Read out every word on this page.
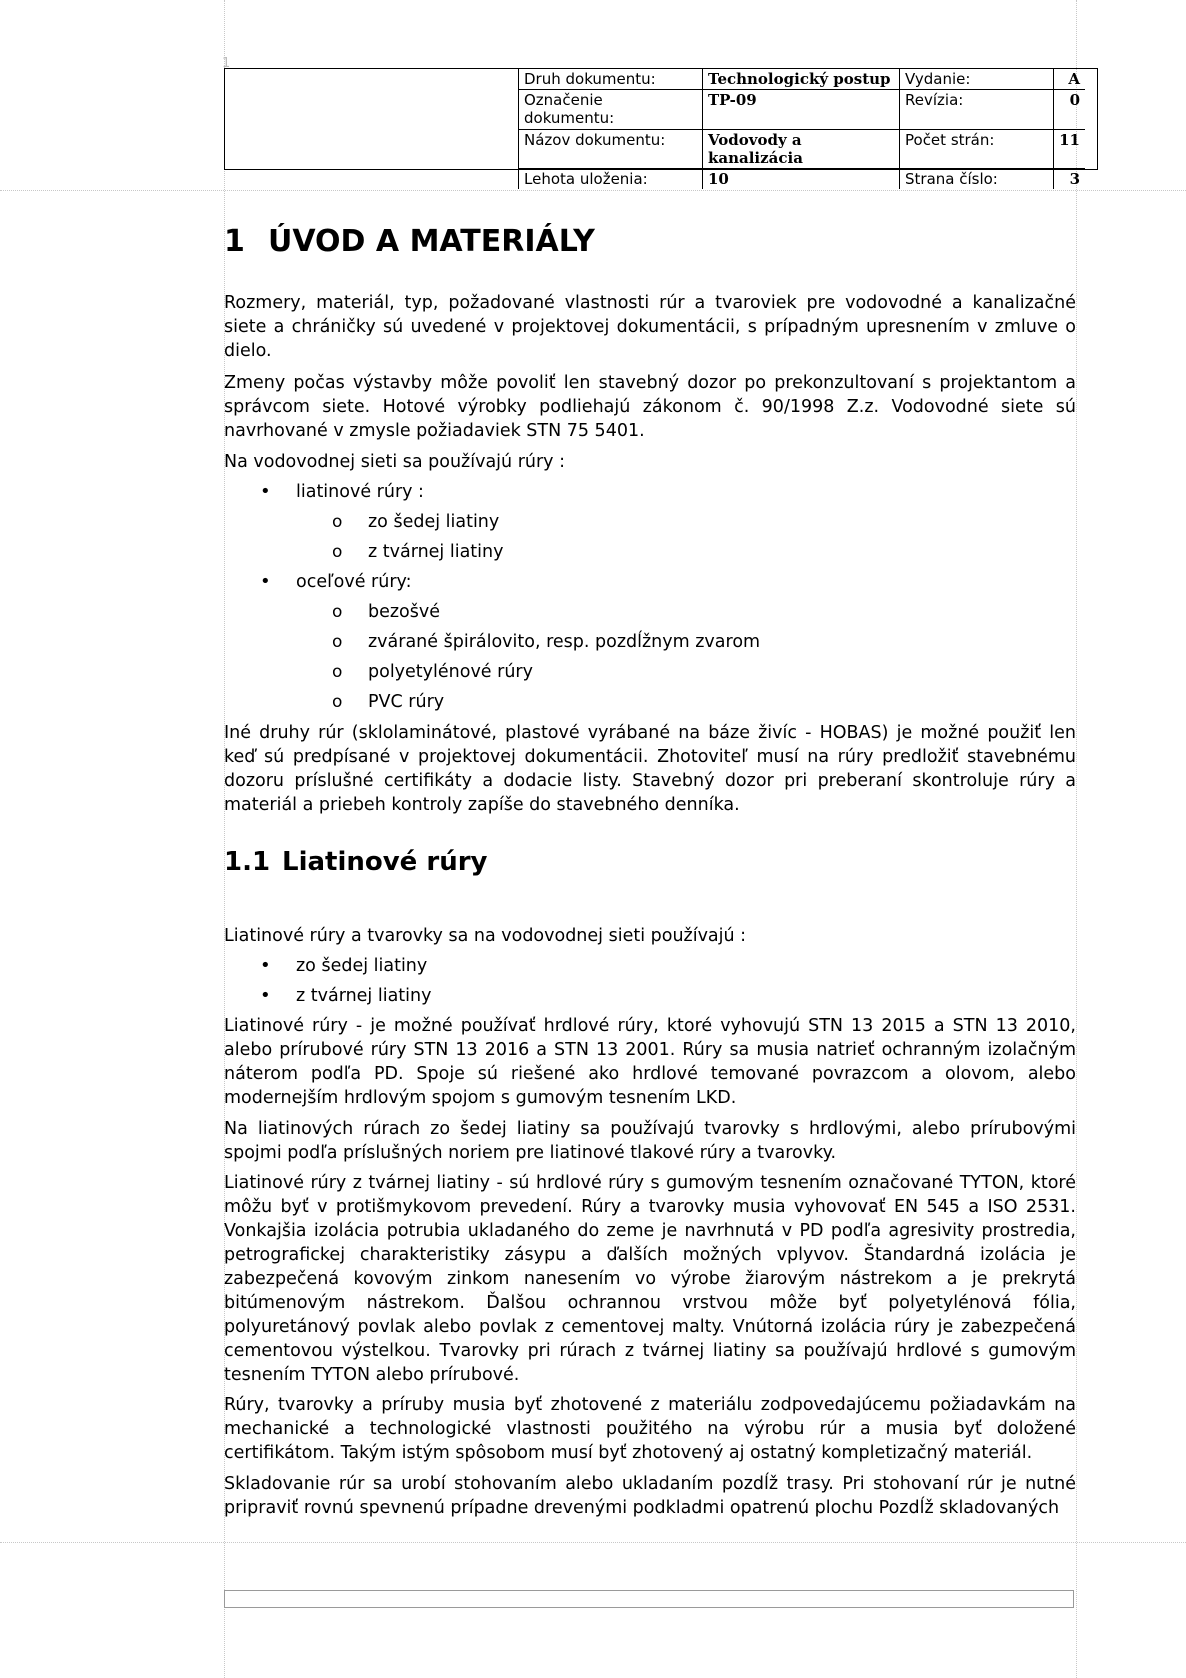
1
Druh dokumentu:	Technologický postup	Vydanie:	A
Označenie dokumentu:	TP-09	Revízia:	0
Názov dokumentu:	Vodovody a kanalizácia	Počet strán:	11
Lehota uloženia:	10	Strana číslo:	3
1 ÚVOD A MATERIÁLY

Rozmery, materiál, typ, požadované vlastnosti rúr a tvaroviek pre vodovodné a kanalizačné siete a chráničky sú uvedené v projektovej dokumentácii, s prípadným upresnením v zmluve o dielo.

Zmeny počas výstavby môže povoliť len stavebný dozor po prekonzultovaní s projektantom a správcom siete. Hotové výrobky podliehajú zákonom č. 90/1998 Z.z. Vodovodné siete sú navrhované v zmysle požiadaviek STN 75 5401.

Na vodovodnej sieti sa používajú rúry :
• liatinové rúry :
o zo šedej liatiny
o z tvárnej liatiny
• oceľové rúry:
o bezošvé
o zvárané špirálovito, resp. pozdĺžnym zvarom
o polyetylénové rúry
o PVC rúry

Iné druhy rúr (sklolaminátové, plastové vyrábané na báze živíc - HOBAS) je možné použiť len keď sú predpísané v projektovej dokumentácii. Zhotoviteľ musí na rúry predložiť stavebnému dozoru príslušné certifikáty a dodacie listy. Stavebný dozor pri preberaní skontroluje rúry a materiál a priebeh kontroly zapíše do stavebného denníka.

1.1 Liatinové rúry
Liatinové rúry a tvarovky sa na vodovodnej sieti používajú :
• zo šedej liatiny
• z tvárnej liatiny

Liatinové rúry - je možné používať hrdlové rúry, ktoré vyhovujú STN 13 2015 a STN 13 2010, alebo prírubové rúry STN 13 2016 a STN 13 2001. Rúry sa musia natrieť ochranným izolačným náterom podľa PD. Spoje sú riešené ako hrdlové temované povrazcom a olovom, alebo modernejším hrdlovým spojom s gumovým tesnením LKD.

Na liatinových rúrach zo šedej liatiny sa používajú tvarovky s hrdlovými, alebo prírubovými spojmi podľa príslušných noriem pre liatinové tlakové rúry a tvarovky.

Liatinové rúry z tvárnej liatiny - sú hrdlové rúry s gumovým tesnením označované TYTON, ktoré môžu byť v protišmykovom prevedení. Rúry a tvarovky musia vyhovovať EN 545 a ISO 2531. Vonkajšia izolácia potrubia ukladaného do zeme je navrhnutá v PD podľa agresivity prostredia, petrografickej charakteristiky zásypu a ďalších možných vplyvov. Štandardná izolácia je zabezpečená kovovým zinkom nanesením vo výrobe žiarovým nástrekom a je prekrytá bitúmenovým nástrekom. Ďalšou ochrannou vrstvou môže byť polyetylénová fólia, polyuretánový povlak alebo povlak z cementovej malty. Vnútorná izolácia rúry je zabezpečená cementovou výstelkou. Tvarovky pri rúrach z tvárnej liatiny sa používajú hrdlové s gumovým tesnením TYTON alebo prírubové.

Rúry, tvarovky a príruby musia byť zhotovené z materiálu zodpovedajúcemu požiadavkám na mechanické a technologické vlastnosti použitého na výrobu rúr a musia byť doložené certifikátom. Takým istým spôsobom musí byť zhotovený aj ostatný kompletizačný materiál.

Skladovanie rúr sa urobí stohovaním alebo ukladaním pozdĺž trasy. Pri stohovaní rúr je nutné pripraviť rovnú spevnenú prípadne drevenými podkladmi opatrenú plochu Pozdĺž skladovaných
